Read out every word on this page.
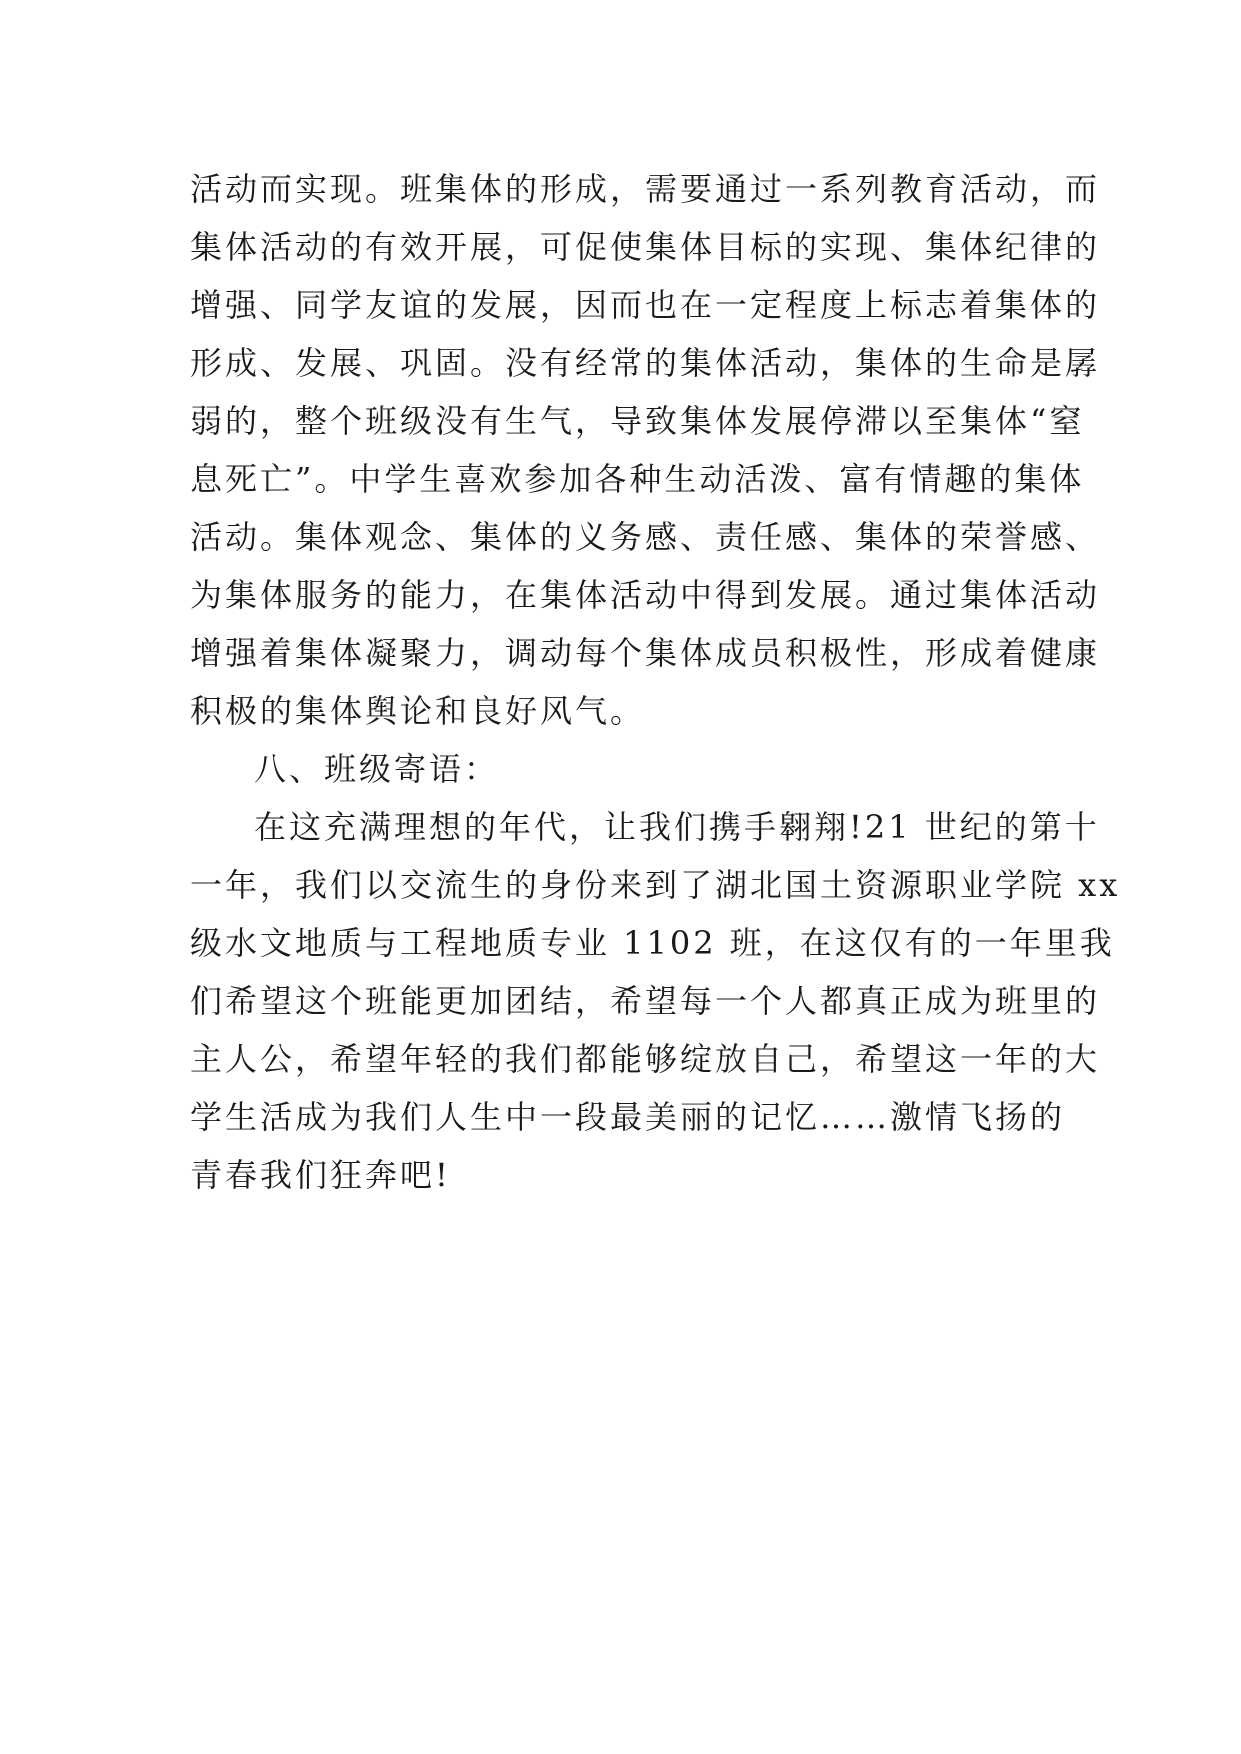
活动而实现。班集体的形成，需要通过一系列教育活动，而
集体活动的有效开展，可促使集体目标的实现、集体纪律的
增强、同学友谊的发展，因而也在一定程度上标志着集体的
形成、发展、巩固。没有经常的集体活动，集体的生命是孱
弱的，整个班级没有生气，导致集体发展停滞以至集体“窒
息死亡”。中学生喜欢参加各种生动活泼、富有情趣的集体
活动。集体观念、集体的义务感、责任感、集体的荣誉感、
为集体服务的能力，在集体活动中得到发展。通过集体活动
增强着集体凝聚力，调动每个集体成员积极性，形成着健康
积极的集体舆论和良好风气。
八、班级寄语：
在这充满理想的年代，让我们携手翱翔!21 世纪的第十
一年，我们以交流生的身份来到了湖北国土资源职业学院 xx
级水文地质与工程地质专业 1102 班，在这仅有的一年里我
们希望这个班能更加团结，希望每一个人都真正成为班里的
主人公，希望年轻的我们都能够绽放自己，希望这一年的大
学生活成为我们人生中一段最美丽的记忆……激情飞扬的
青春我们狂奔吧!
